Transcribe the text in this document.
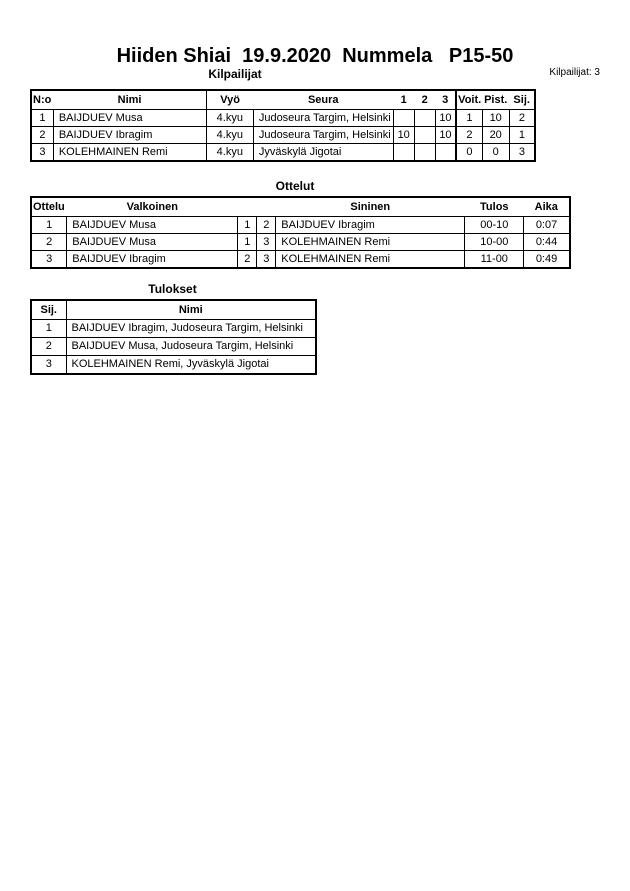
Hiiden Shiai  19.9.2020  Nummela   P15-50
Kilpailijat	Kilpailijat: 3
N:o	Nimi	Vyö	Seura	1	2	3	Voit.	Pist.	Sij.
1	BAIJDUEV Musa	4.kyu	Judoseura Targim, Helsinki			10	1	10	2
2	BAIJDUEV Ibragim	4.kyu	Judoseura Targim, Helsinki	10		10	2	20	1
3	KOLEHMAINEN Remi	4.kyu	Jyväskylä Jigotai				0	0	3
Ottelut
Ottelu	Valkoinen			Sininen	Tulos	Aika
1	BAIJDUEV Musa	1	2	BAIJDUEV Ibragim	00-10	0:07
2	BAIJDUEV Musa	1	3	KOLEHMAINEN Remi	10-00	0:44
3	BAIJDUEV Ibragim	2	3	KOLEHMAINEN Remi	11-00	0:49
Tulokset
Sij.	Nimi
1	BAIJDUEV Ibragim, Judoseura Targim, Helsinki
2	BAIJDUEV Musa, Judoseura Targim, Helsinki
3	KOLEHMAINEN Remi, Jyväskylä Jigotai
